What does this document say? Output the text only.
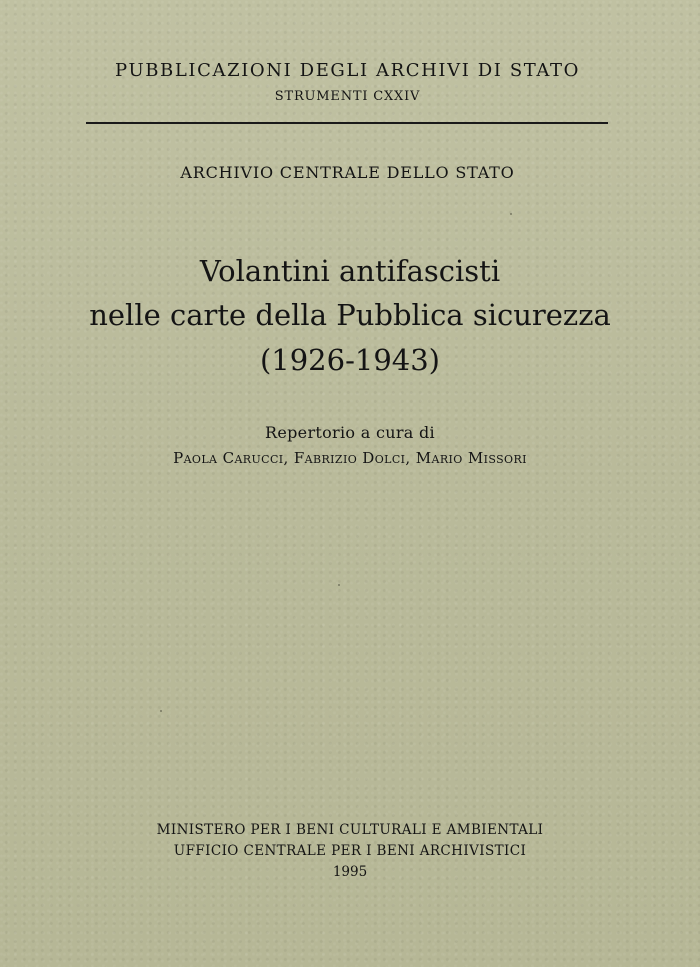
PUBBLICAZIONI DEGLI ARCHIVI DI STATO
STRUMENTI CXXIV
ARCHIVIO CENTRALE DELLO STATO
Volantini antifascisti
nelle carte della Pubblica sicurezza
(1926-1943)
Repertorio a cura di
Paola Carucci, Fabrizio Dolci, Mario Missori
MINISTERO PER I BENI CULTURALI E AMBIENTALI
UFFICIO CENTRALE PER I BENI ARCHIVISTICI
1995
